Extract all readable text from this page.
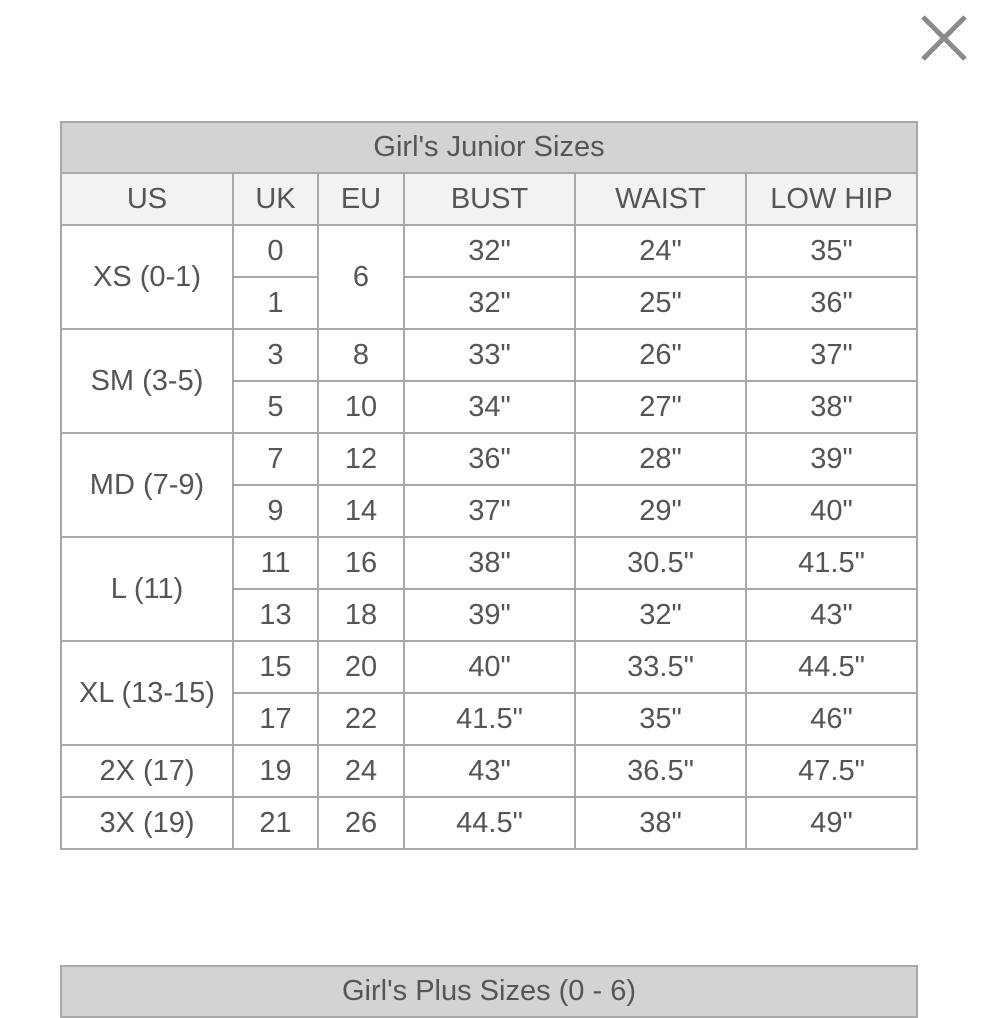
Girl's Junior Sizes					
US	UK	EU	BUST	WAIST	LOW HIP
XS (0-1)	0	6	32"	24"	35"
	1		32"	25"	36"
SM (3-5)	3	8	33"	26"	37"
	5	10	34"	27"	38"
MD (7-9)	7	12	36"	28"	39"
	9	14	37"	29"	40"
L (11)	11	16	38"	30.5"	41.5"
	13	18	39"	32"	43"
XL (13-15)	15	20	40"	33.5"	44.5"
	17	22	41.5"	35"	46"
2X (17)	19	24	43"	36.5"	47.5"
3X (19)	21	26	44.5"	38"	49"
Girl's Plus Sizes (0 - 6)
